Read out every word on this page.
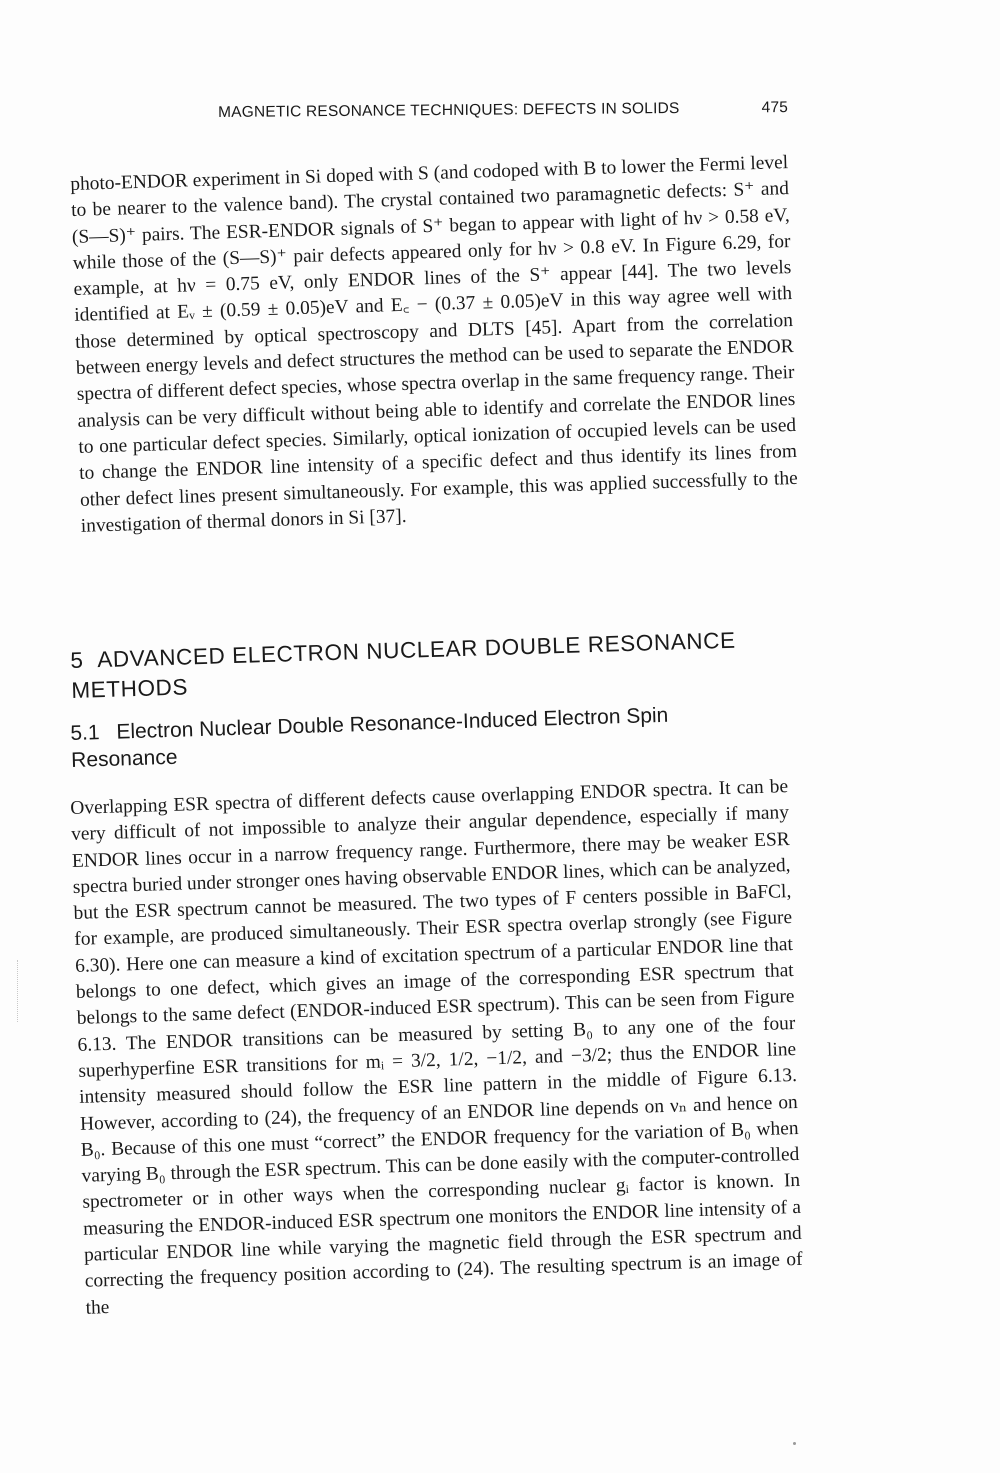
MAGNETIC RESONANCE TECHNIQUES: DEFECTS IN SOLIDS	475

photo-ENDOR experiment in Si doped with S (and codoped with B to lower the Fermi level to be nearer to the valence band). The crystal contained two paramagnetic defects: S⁺ and (S—S)⁺ pairs. The ESR-ENDOR signals of S⁺ began to appear with light of hν > 0.58 eV, while those of the (S—S)⁺ pair defects appeared only for hν > 0.8 eV. In Figure 6.29, for example, at hν = 0.75 eV, only ENDOR lines of the S⁺ appear [44]. The two levels identified at Eᵥ ± (0.59 ± 0.05)eV and E꜀ − (0.37 ± 0.05)eV in this way agree well with those determined by optical spectroscopy and DLTS [45]. Apart from the correlation between energy levels and defect structures the method can be used to separate the ENDOR spectra of different defect species, whose spectra overlap in the same frequency range. Their analysis can be very difficult without being able to identify and correlate the ENDOR lines to one particular defect species. Similarly, optical ionization of occupied levels can be used to change the ENDOR line intensity of a specific defect and thus identify its lines from other defect lines present simultaneously. For example, this was applied successfully to the investigation of thermal donors in Si [37].

5 ADVANCED ELECTRON NUCLEAR DOUBLE RESONANCE METHODS
5.1 Electron Nuclear Double Resonance-Induced Electron Spin Resonance

Overlapping ESR spectra of different defects cause overlapping ENDOR spectra. It can be very difficult of not impossible to analyze their angular dependence, especially if many ENDOR lines occur in a narrow frequency range. Furthermore, there may be weaker ESR spectra buried under stronger ones having observable ENDOR lines, which can be analyzed, but the ESR spectrum cannot be measured. The two types of F centers possible in BaFCl, for example, are produced simultaneously. Their ESR spectra overlap strongly (see Figure 6.30). Here one can measure a kind of excitation spectrum of a particular ENDOR line that belongs to one defect, which gives an image of the corresponding ESR spectrum that belongs to the same defect (ENDOR-induced ESR spectrum). This can be seen from Figure 6.13. The ENDOR transitions can be measured by setting B₀ to any one of the four superhyperfine ESR transitions for mᵢ = 3/2, 1/2, −1/2, and −3/2; thus the ENDOR line intensity measured should follow the ESR line pattern in the middle of Figure 6.13. However, according to (24), the frequency of an ENDOR line depends on νₙ and hence on B₀. Because of this one must “correct” the ENDOR frequency for the variation of B₀ when varying B₀ through the ESR spectrum. This can be done easily with the computer-controlled spectrometer or in other ways when the corresponding nuclear gᵢ factor is known. In measuring the ENDOR-induced ESR spectrum one monitors the ENDOR line intensity of a particular ENDOR line while varying the magnetic field through the ESR spectrum and correcting the frequency position according to (24). The resulting spectrum is an image of the
